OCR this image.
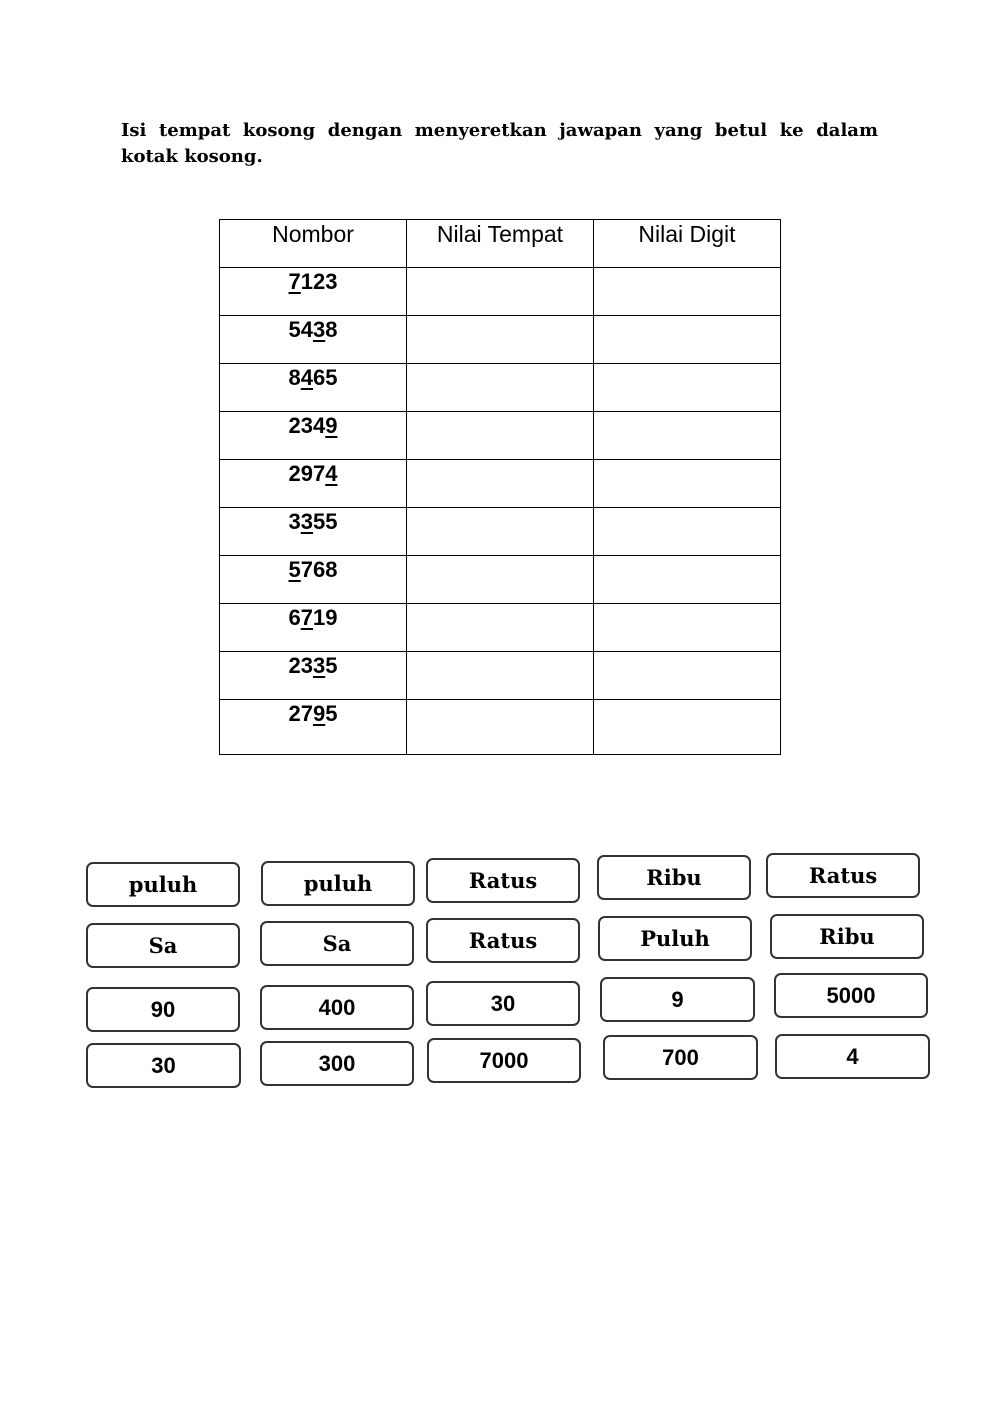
Isi tempat kosong dengan menyeretkan jawapan yang betul ke dalam kotak kosong.

Nombor	Nilai Tempat	Nilai Digit
7123		
5438		
8465		
2349		
2974		
3355		
5768		
6719		
2335		
2795		
puluh	puluh	Ratus	Ribu	Ratus
Sa	Sa	Ratus	Puluh	Ribu
90	400	30	9	5000
30	300	7000	700	4
